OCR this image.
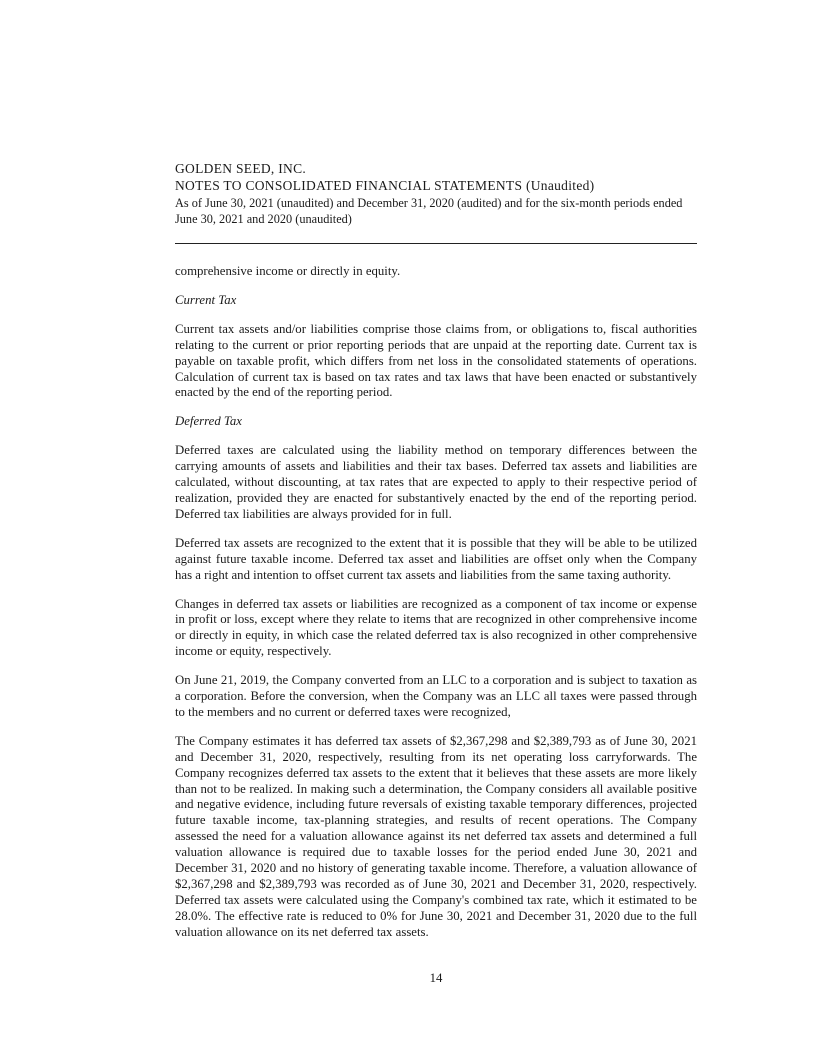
GOLDEN SEED, INC.
NOTES TO CONSOLIDATED FINANCIAL STATEMENTS (Unaudited)
As of June 30, 2021 (unaudited) and December 31, 2020 (audited) and for the six-month periods ended June 30, 2021 and 2020 (unaudited)

comprehensive income or directly in equity.

Current Tax

Current tax assets and/or liabilities comprise those claims from, or obligations to, fiscal authorities relating to the current or prior reporting periods that are unpaid at the reporting date. Current tax is payable on taxable profit, which differs from net loss in the consolidated statements of operations. Calculation of current tax is based on tax rates and tax laws that have been enacted or substantively enacted by the end of the reporting period.

Deferred Tax

Deferred taxes are calculated using the liability method on temporary differences between the carrying amounts of assets and liabilities and their tax bases. Deferred tax assets and liabilities are calculated, without discounting, at tax rates that are expected to apply to their respective period of realization, provided they are enacted for substantively enacted by the end of the reporting period. Deferred tax liabilities are always provided for in full.

Deferred tax assets are recognized to the extent that it is possible that they will be able to be utilized against future taxable income. Deferred tax asset and liabilities are offset only when the Company has a right and intention to offset current tax assets and liabilities from the same taxing authority.

Changes in deferred tax assets or liabilities are recognized as a component of tax income or expense in profit or loss, except where they relate to items that are recognized in other comprehensive income or directly in equity, in which case the related deferred tax is also recognized in other comprehensive income or equity, respectively.

On June 21, 2019, the Company converted from an LLC to a corporation and is subject to taxation as a corporation. Before the conversion, when the Company was an LLC all taxes were passed through to the members and no current or deferred taxes were recognized,

The Company estimates it has deferred tax assets of $2,367,298 and $2,389,793 as of June 30, 2021 and December 31, 2020, respectively, resulting from its net operating loss carryforwards. The Company recognizes deferred tax assets to the extent that it believes that these assets are more likely than not to be realized. In making such a determination, the Company considers all available positive and negative evidence, including future reversals of existing taxable temporary differences, projected future taxable income, tax-planning strategies, and results of recent operations. The Company assessed the need for a valuation allowance against its net deferred tax assets and determined a full valuation allowance is required due to taxable losses for the period ended June 30, 2021 and December 31, 2020 and no history of generating taxable income. Therefore, a valuation allowance of $2,367,298 and $2,389,793 was recorded as of June 30, 2021 and December 31, 2020, respectively. Deferred tax assets were calculated using the Company's combined tax rate, which it estimated to be 28.0%. The effective rate is reduced to 0% for June 30, 2021 and December 31, 2020 due to the full valuation allowance on its net deferred tax assets.

14
